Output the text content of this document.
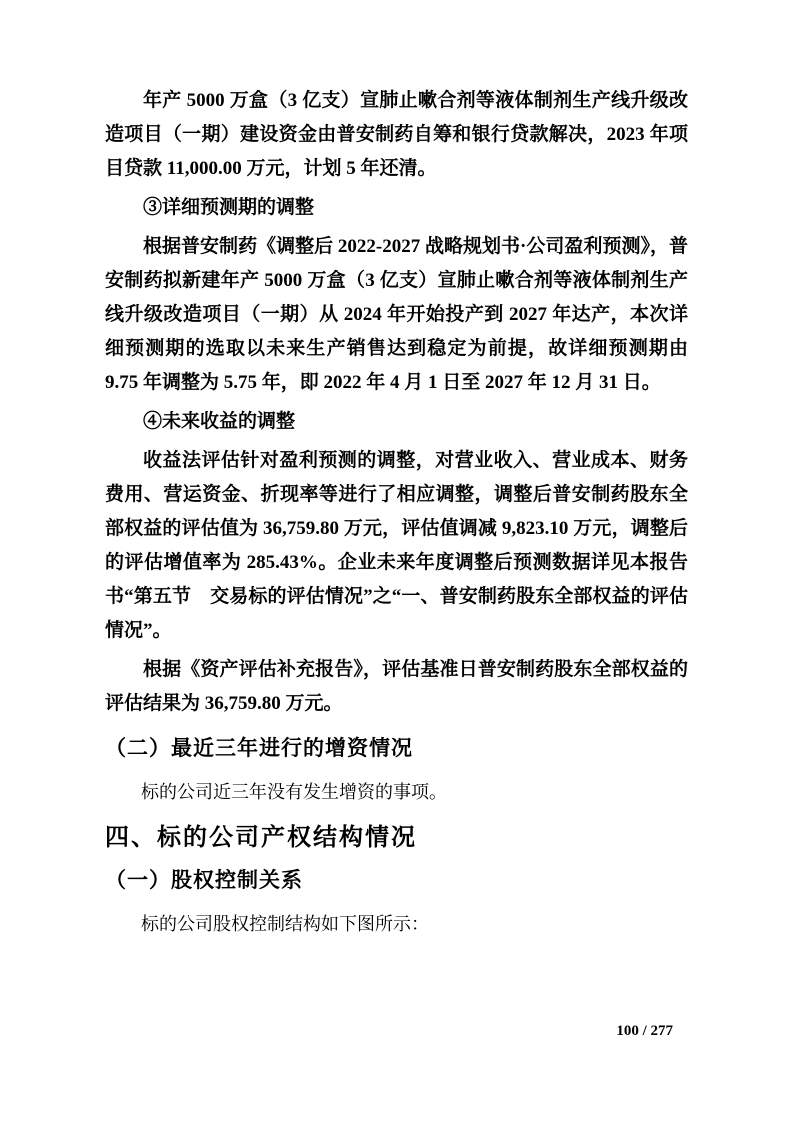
年产 5000 万盒（3 亿支）宣肺止嗽合剂等液体制剂生产线升级改造项目（一期）建设资金由普安制药自筹和银行贷款解决，2023 年项目贷款 11,000.00 万元，计划 5 年还清。

③详细预测期的调整

根据普安制药《调整后 2022-2027 战略规划书·公司盈利预测》，普安制药拟新建年产 5000 万盒（3 亿支）宣肺止嗽合剂等液体制剂生产线升级改造项目（一期）从 2024 年开始投产到 2027 年达产，本次详细预测期的选取以未来生产销售达到稳定为前提，故详细预测期由 9.75 年调整为 5.75 年，即 2022 年 4 月 1 日至 2027 年 12 月 31 日。

④未来收益的调整

收益法评估针对盈利预测的调整，对营业收入、营业成本、财务费用、营运资金、折现率等进行了相应调整，调整后普安制药股东全部权益的评估值为 36,759.80 万元，评估值调减 9,823.10 万元，调整后的评估增值率为 285.43%。企业未来年度调整后预测数据详见本报告书“第五节　交易标的评估情况”之“一、普安制药股东全部权益的评估情况”。

根据《资产评估补充报告》，评估基准日普安制药股东全部权益的评估结果为 36,759.80 万元。

（二）最近三年进行的增资情况

标的公司近三年没有发生增资的事项。

四、标的公司产权结构情况
（一）股权控制关系

标的公司股权控制结构如下图所示：

100 / 277
